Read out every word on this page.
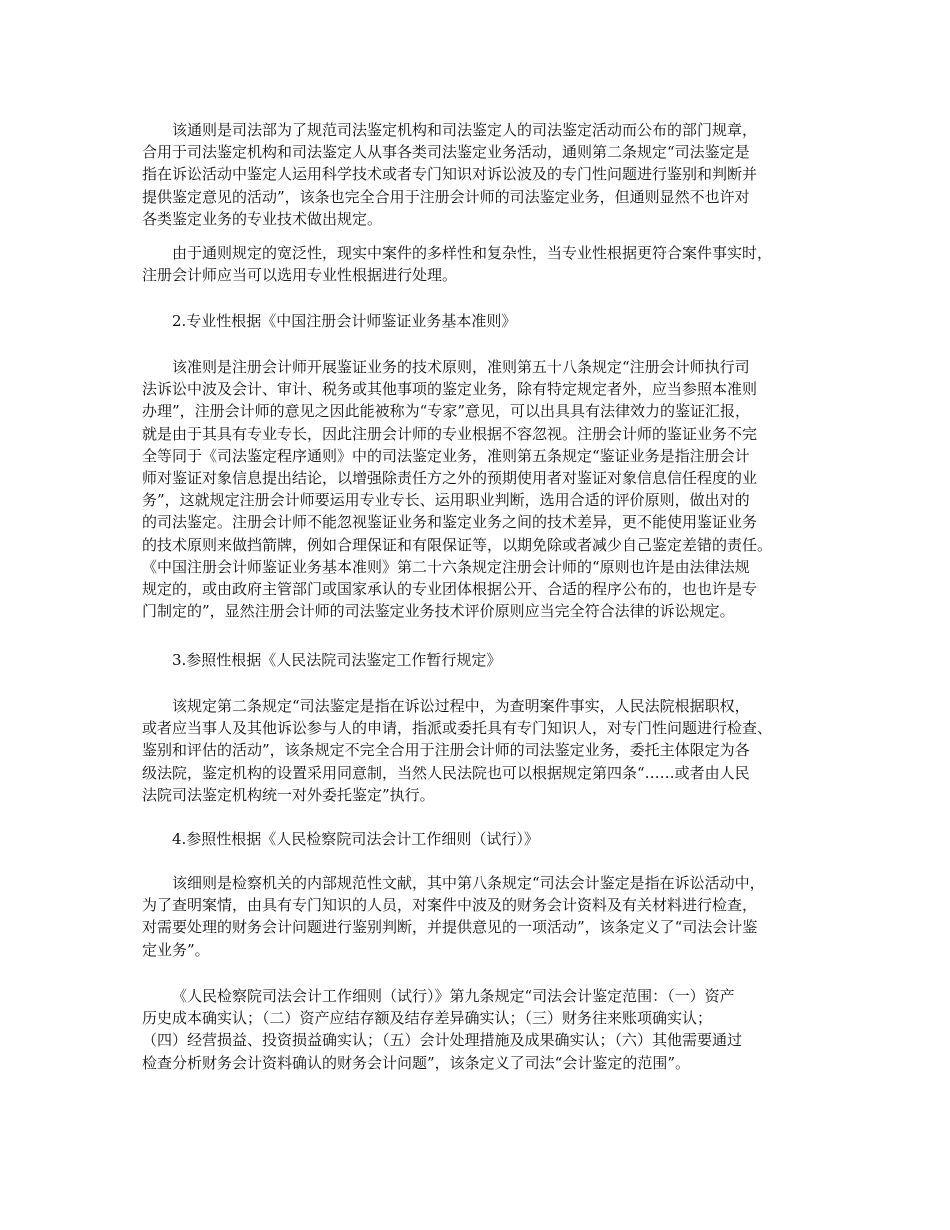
该通则是司法部为了规范司法鉴定机构和司法鉴定人的司法鉴定活动而公布的部门规章，
合用于司法鉴定机构和司法鉴定人从事各类司法鉴定业务活动，通则第二条规定“司法鉴定是
指在诉讼活动中鉴定人运用科学技术或者专门知识对诉讼波及的专门性问题进行鉴别和判断并
提供鉴定意见的活动”，该条也完全合用于注册会计师的司法鉴定业务，但通则显然不也许对
各类鉴定业务的专业技术做出规定。
由于通则规定的宽泛性，现实中案件的多样性和复杂性，当专业性根据更符合案件事实时，
注册会计师应当可以选用专业性根据进行处理。
2.专业性根据《中国注册会计师鉴证业务基本准则》
该准则是注册会计师开展鉴证业务的技术原则，准则第五十八条规定“注册会计师执行司
法诉讼中波及会计、审计、税务或其他事项的鉴定业务，除有特定规定者外，应当参照本准则
办理”，注册会计师的意见之因此能被称为“专家”意见，可以出具具有法律效力的鉴证汇报，
就是由于其具有专业专长，因此注册会计师的专业根据不容忽视。注册会计师的鉴证业务不完
全等同于《司法鉴定程序通则》中的司法鉴定业务，准则第五条规定“鉴证业务是指注册会计
师对鉴证对象信息提出结论，以增强除责任方之外的预期使用者对鉴证对象信息信任程度的业
务”，这就规定注册会计师要运用专业专长、运用职业判断，选用合适的评价原则，做出对的
的司法鉴定。注册会计师不能忽视鉴证业务和鉴定业务之间的技术差异，更不能使用鉴证业务
的技术原则来做挡箭牌，例如合理保证和有限保证等，以期免除或者减少自己鉴定差错的责任。
《中国注册会计师鉴证业务基本准则》第二十六条规定注册会计师的“原则也许是由法律法规
规定的，或由政府主管部门或国家承认的专业团体根据公开、合适的程序公布的，也也许是专
门制定的”，显然注册会计师的司法鉴定业务技术评价原则应当完全符合法律的诉讼规定。
3.参照性根据《人民法院司法鉴定工作暂行规定》
该规定第二条规定“司法鉴定是指在诉讼过程中，为查明案件事实，人民法院根据职权，
或者应当事人及其他诉讼参与人的申请，指派或委托具有专门知识人，对专门性问题进行检查、
鉴别和评估的活动”，该条规定不完全合用于注册会计师的司法鉴定业务，委托主体限定为各
级法院，鉴定机构的设置采用同意制，当然人民法院也可以根据规定第四条“……或者由人民
法院司法鉴定机构统一对外委托鉴定”执行。
4.参照性根据《人民检察院司法会计工作细则（试行）》
该细则是检察机关的内部规范性文献，其中第八条规定“司法会计鉴定是指在诉讼活动中，
为了查明案情，由具有专门知识的人员，对案件中波及的财务会计资料及有关材料进行检查，
对需要处理的财务会计问题进行鉴别判断，并提供意见的一项活动”，该条定义了“司法会计鉴
定业务”。
《人民检察院司法会计工作细则（试行）》第九条规定“司法会计鉴定范围：（一）资产
历史成本确实认；（二）资产应结存额及结存差异确实认；（三）财务往来账项确实认；
（四）经营损益、投资损益确实认；（五）会计处理措施及成果确实认；（六）其他需要通过
检查分析财务会计资料确认的财务会计问题”，该条定义了司法“会计鉴定的范围”。
